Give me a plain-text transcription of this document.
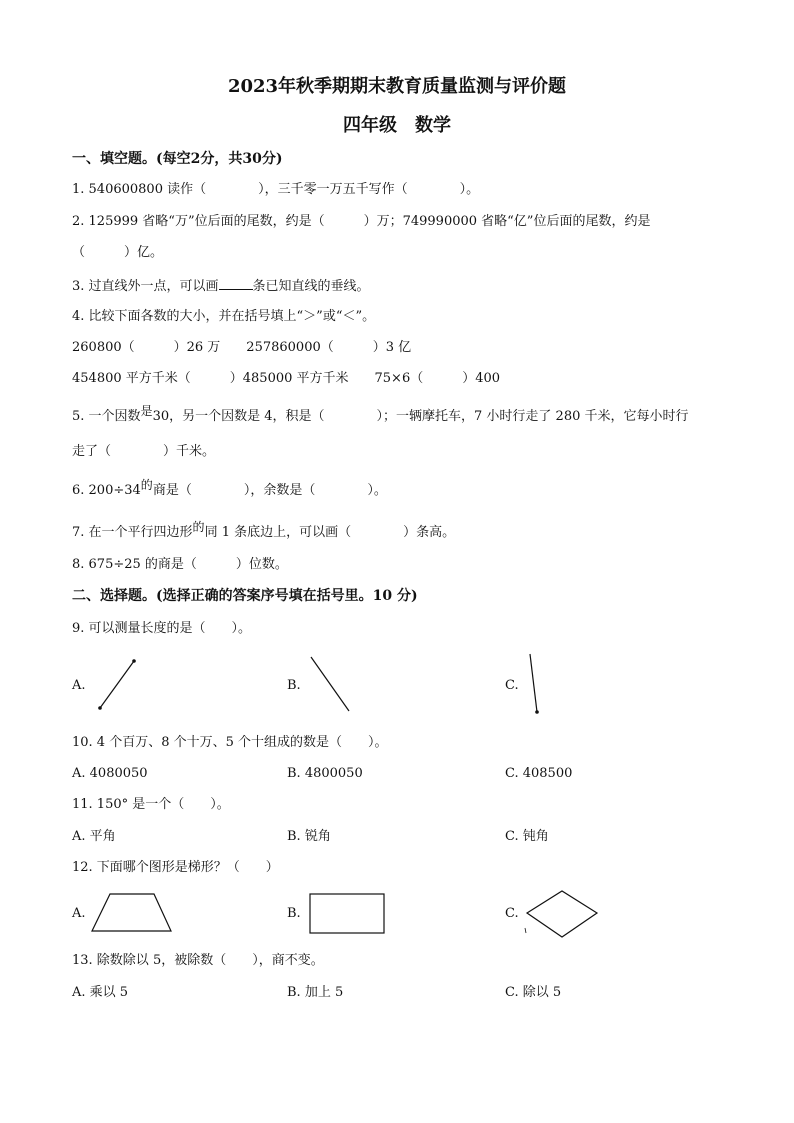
2023年秋季期期末教育质量监测与评价题
四年级　数学
一、填空题。(每空2分，共30分)
1. 540600800 读作（　　　　），三千零一万五千写作（　　　　）。
2. 125999 省略“万”位后面的尾数，约是（　　　）万；749990000 省略“亿”位后面的尾数，约是
（　　　）亿。
3. 过直线外一点，可以画	条已知直线的垂线。
4. 比较下面各数的大小，并在括号填上“＞”或“＜”。
260800（　　　）26 万　　257860000（　　　）3 亿
454800 平方千米（　　　）485000 平方千米　　75×6（　　　）400
5. 一个因数是30，另一个因数是 4，积是（　　　　）；一辆摩托车，7 小时行走了 280 千米，它每小时行
走了（　　　　）千米。
6. 200÷34的商是（　　　　），余数是（　　　　）。
7. 在一个平行四边形的同 1 条底边上，可以画（　　　　）条高。
8. 675÷25 的商是（　　　）位数。
二、选择题。(选择正确的答案序号填在括号里。10 分)
9. 可以测量长度的是（　　）。
A.	B.	C.
10. 4 个百万、8 个十万、5 个十组成的数是（　　）。
A. 4080050	B. 4800050	C. 408500
11. 150° 是一个（　　）。
A. 平角	B. 锐角	C. 钝角
12. 下面哪个图形是梯形？（　　）
A.	B.	C.
13. 除数除以 5，被除数（　　），商不变。
A. 乘以 5	B. 加上 5	C. 除以 5
